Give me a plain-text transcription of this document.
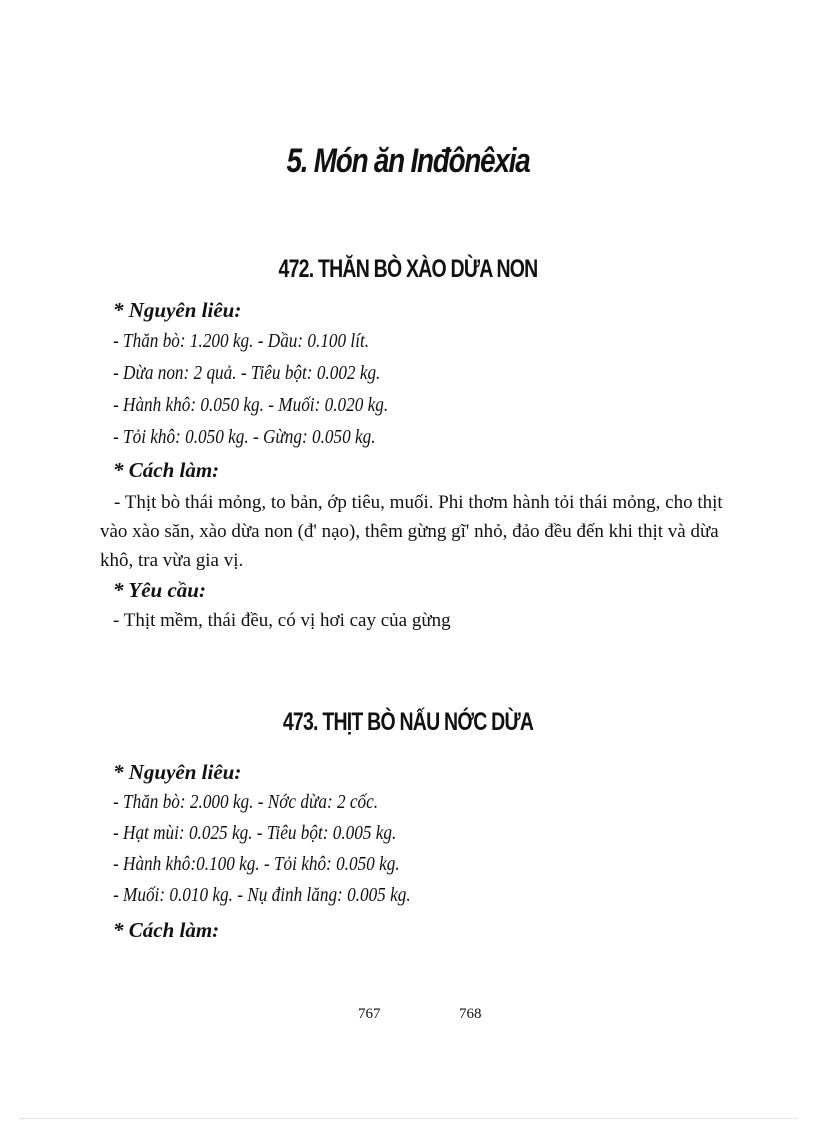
5. Món ăn Inđônêxia
472. THĂN BÒ XÀO DỪA NON
* Nguyên liêu:
- Thăn bò: 1.200 kg. - Dầu: 0.100 lít.
- Dừa non: 2 quả. - Tiêu bột: 0.002 kg.
- Hành khô: 0.050 kg. - Muối: 0.020 kg.
- Tỏi khô: 0.050 kg. - Gừng: 0.050 kg.
* Cách làm:

- Thịt bò thái mỏng, to bản, ớp tiêu, muối. Phi thơm hành tỏi thái mỏng, cho thịt vào xào săn, xào dừa non (đ' nạo), thêm gừng gĩ' nhỏ, đảo đều đến khi thịt và dừa khô, tra vừa gia vị.

* Yêu cầu:
- Thịt mềm, thái đều, có vị hơi cay của gừng
473. THỊT BÒ NẤU NỚC DỪA
* Nguyên liêu:
- Thăn bò: 2.000 kg. - Nớc dừa: 2 cốc.
- Hạt mùi: 0.025 kg. - Tiêu bột: 0.005 kg.
- Hành khô:0.100 kg. - Tỏi khô: 0.050 kg.
- Muối: 0.010 kg. - Nụ đinh lăng: 0.005 kg.
* Cách làm:
767	768
